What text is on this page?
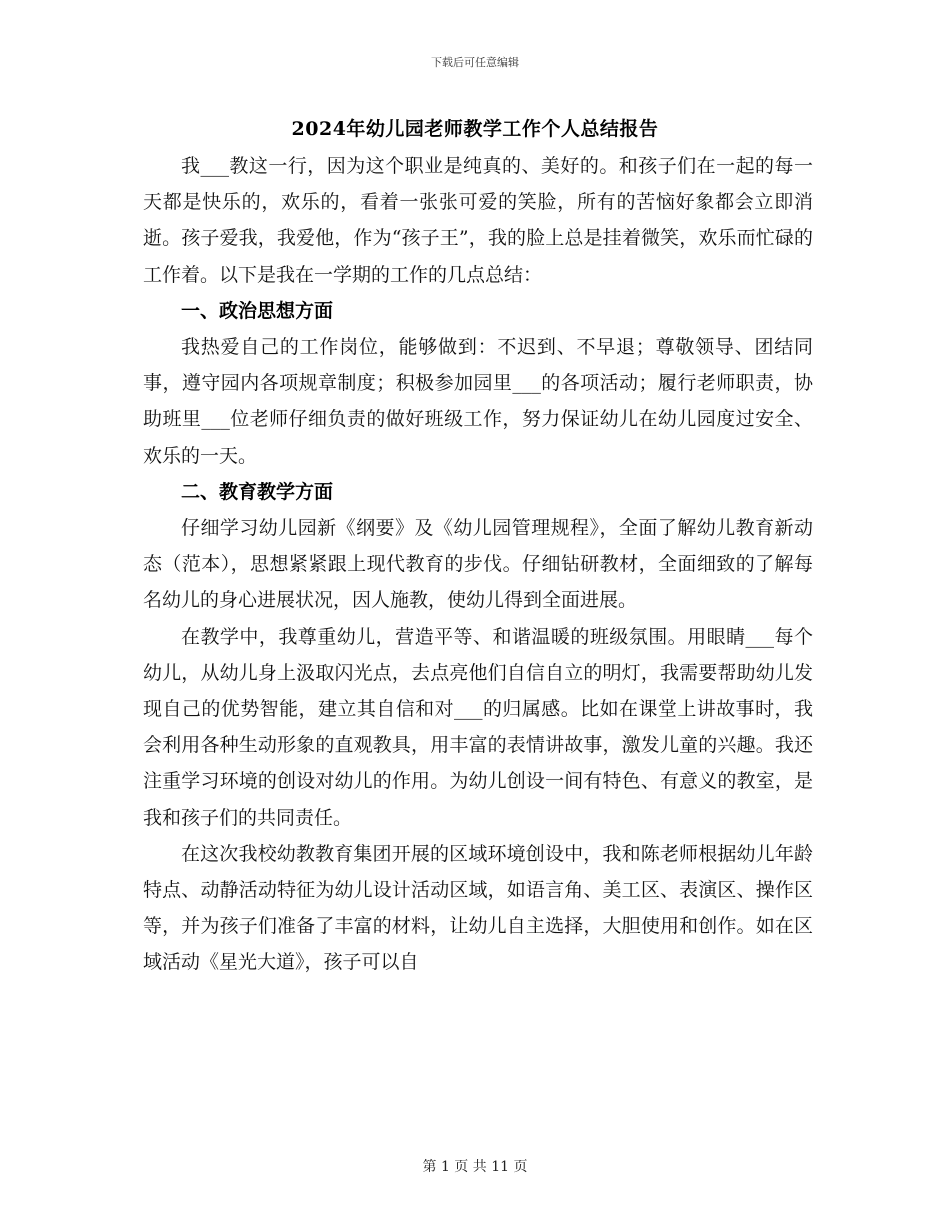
下载后可任意编辑
2024年幼儿园老师教学工作个人总结报告

我___教这一行，因为这个职业是纯真的、美好的。和孩子们在一起的每一天都是快乐的，欢乐的，看着一张张可爱的笑脸，所有的苦恼好象都会立即消逝。孩子爱我，我爱他，作为“孩子王”，我的脸上总是挂着微笑，欢乐而忙碌的工作着。以下是我在一学期的工作的几点总结：

一、政治思想方面

我热爱自己的工作岗位，能够做到：不迟到、不早退；尊敬领导、团结同事，遵守园内各项规章制度；积极参加园里___的各项活动；履行老师职责，协助班里___位老师仔细负责的做好班级工作，努力保证幼儿在幼儿园度过安全、欢乐的一天。

二、教育教学方面

仔细学习幼儿园新《纲要》及《幼儿园管理规程》，全面了解幼儿教育新动态（范本），思想紧紧跟上现代教育的步伐。仔细钻研教材，全面细致的了解每名幼儿的身心进展状况，因人施教，使幼儿得到全面进展。

在教学中，我尊重幼儿，营造平等、和谐温暖的班级氛围。用眼睛___每个幼儿，从幼儿身上汲取闪光点，去点亮他们自信自立的明灯，我需要帮助幼儿发现自己的优势智能，建立其自信和对___的归属感。比如在课堂上讲故事时，我会利用各种生动形象的直观教具，用丰富的表情讲故事，激发儿童的兴趣。我还注重学习环境的创设对幼儿的作用。为幼儿创设一间有特色、有意义的教室，是我和孩子们的共同责任。

在这次我校幼教教育集团开展的区域环境创设中，我和陈老师根据幼儿年龄特点、动静活动特征为幼儿设计活动区域，如语言角、美工区、表演区、操作区等，并为孩子们准备了丰富的材料，让幼儿自主选择，大胆使用和创作。如在区域活动《星光大道》，孩子可以自

第 1 页 共 11 页
